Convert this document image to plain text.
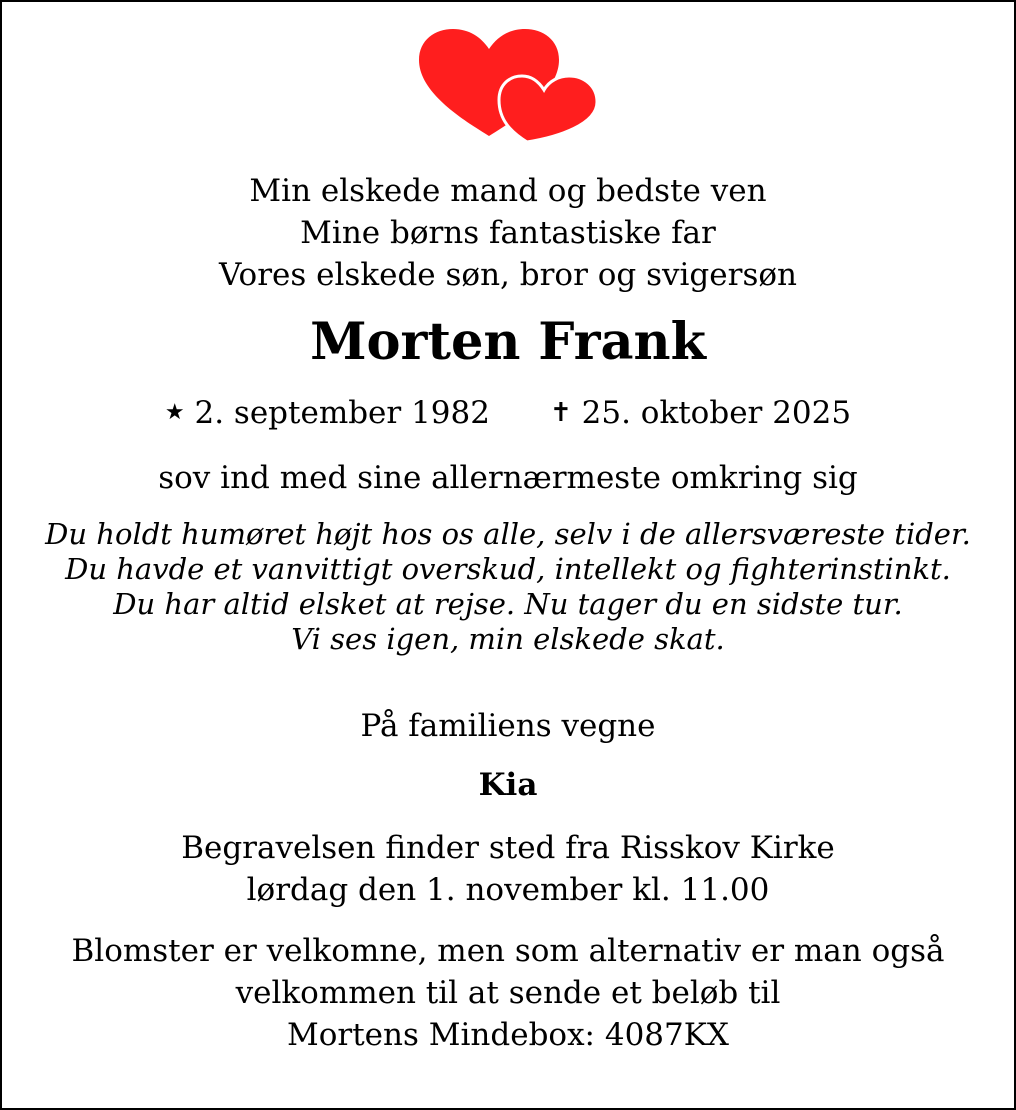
Min elskede mand og bedste ven
Mine børns fantastiske far
Vores elskede søn, bror og svigersøn
Morten Frank
★ 2. september 1982 ✝ 25. oktober 2025
sov ind med sine allernærmeste omkring sig
Du holdt humøret højt hos os alle, selv i de allersværeste tider.
Du havde et vanvittigt overskud, intellekt og fighterinstinkt.
Du har altid elsket at rejse. Nu tager du en sidste tur.
Vi ses igen, min elskede skat.
På familiens vegne
Kia
Begravelsen finder sted fra Risskov Kirke
lørdag den 1. november kl. 11.00
Blomster er velkomne, men som alternativ er man også
velkommen til at sende et beløb til
Mortens Mindebox: 4087KX
